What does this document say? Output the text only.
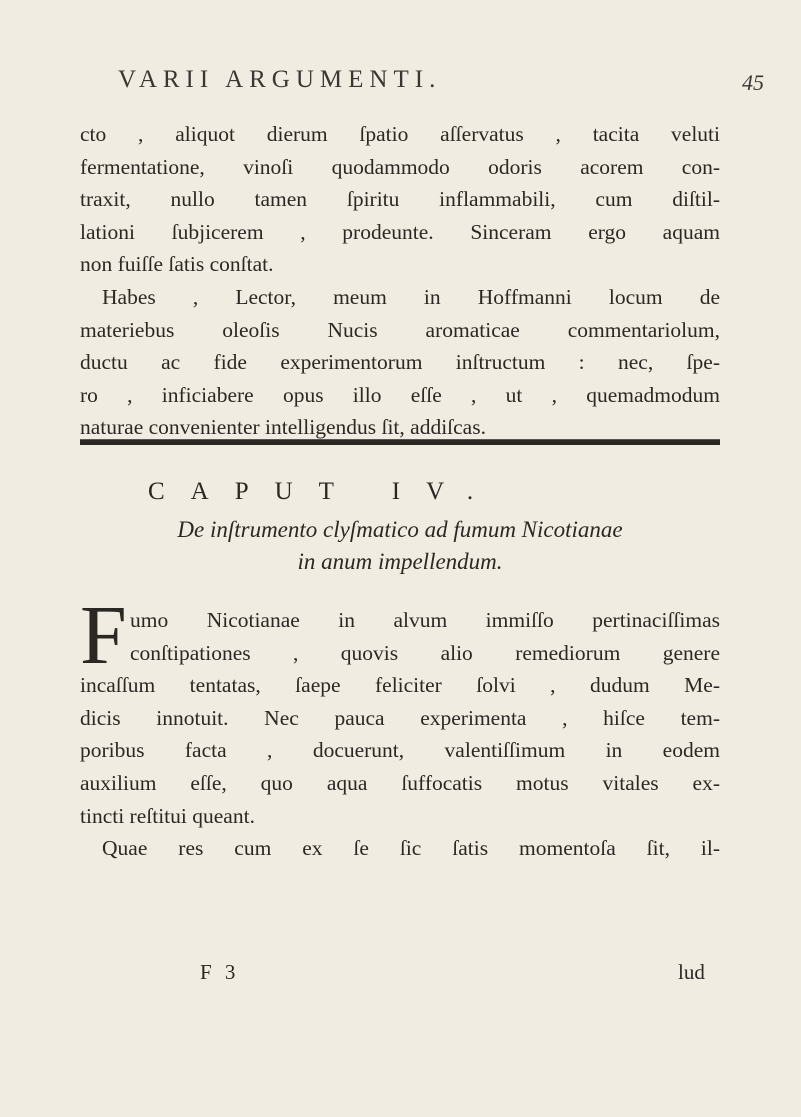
VARII ARGUMENTI.	45
cto , aliquot dierum ſpatio aſſervatus , tacita veluti
fermentatione, vinoſi quodammodo odoris acorem con-
traxit, nullo tamen ſpiritu inflammabili, cum diſtil-
lationi ſubjicerem , prodeunte. Sinceram ergo aquam
non fuiſſe ſatis conſtat.
Habes , Lector, meum in Hoffmanni locum de
materiebus oleoſis Nucis aromaticae commentariolum,
ductu ac fide experimentorum inſtructum : nec, ſpe-
ro , inficiabere opus illo eſſe , ut , quemadmodum
naturae convenienter intelligendus ſit, addiſcas.
CAPUT IV.
De inſtrumento clyſmatico ad fumum Nicotianae
in anum impellendum.
F umo Nicotianae in alvum immiſſo pertinaciſſimas
conſtipationes , quovis alio remediorum genere
incaſſum tentatas, ſaepe feliciter ſolvi , dudum Me-
dicis innotuit. Nec pauca experimenta , hiſce tem-
poribus facta , docuerunt, valentiſſimum in eodem
auxilium eſſe, quo aqua ſuffocatis motus vitales ex-
tincti reſtitui queant.
Quae res cum ex ſe ſic ſatis momentoſa ſit, il-
F 3	lud
